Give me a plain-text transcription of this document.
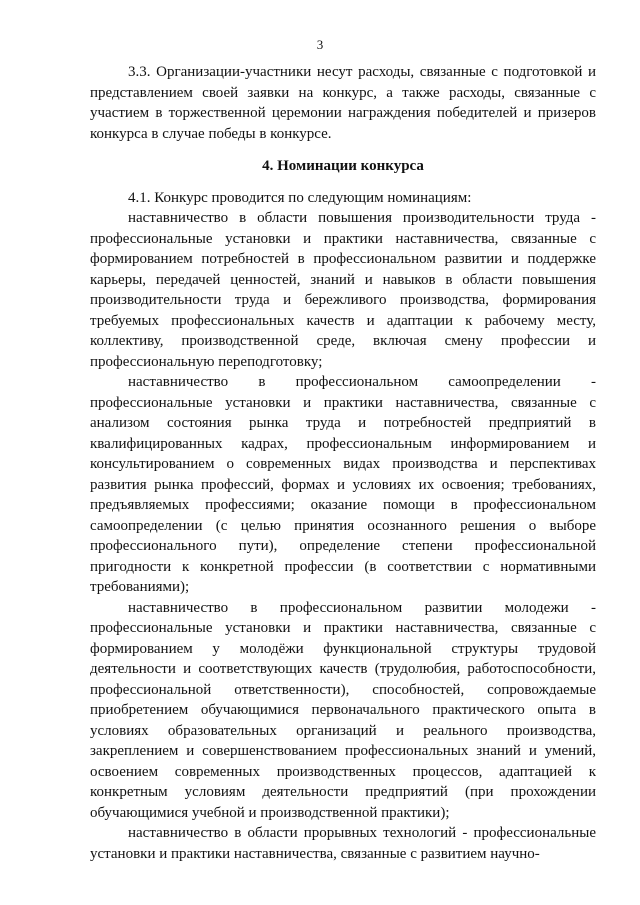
3

3.3. Организации-участники несут расходы, связанные с подготовкой и представлением своей заявки на конкурс, а также расходы, связанные с участием в торжественной церемонии награждения победителей и призеров конкурса в случае победы в конкурсе.

4. Номинации конкурса

4.1. Конкурс проводится по следующим номинациям:

наставничество в области повышения производительности труда - профессиональные установки и практики наставничества, связанные с формированием потребностей в профессиональном развитии и поддержке карьеры, передачей ценностей, знаний и навыков в области повышения производительности труда и бережливого производства, формирования требуемых профессиональных качеств и адаптации к рабочему месту, коллективу, производственной среде, включая смену профессии и профессиональную переподготовку;

наставничество в профессиональном самоопределении - профессиональные установки и практики наставничества, связанные с анализом состояния рынка труда и потребностей предприятий в квалифицированных кадрах, профессиональным информированием и консультированием о современных видах производства и перспективах развития рынка профессий, формах и условиях их освоения; требованиях, предъявляемых профессиями; оказание помощи в профессиональном самоопределении (с целью принятия осознанного решения о выборе профессионального пути), определение степени профессиональной пригодности к конкретной профессии (в соответствии с нормативными требованиями);

наставничество в профессиональном развитии молодежи - профессиональные установки и практики наставничества, связанные с формированием у молодёжи функциональной структуры трудовой деятельности и соответствующих качеств (трудолюбия, работоспособности, профессиональной ответственности), способностей, сопровождаемые приобретением обучающимися первоначального практического опыта в условиях образовательных организаций и реального производства, закреплением и совершенствованием профессиональных знаний и умений, освоением современных производственных процессов, адаптацией к конкретным условиям деятельности предприятий (при прохождении обучающимися учебной и производственной практики);

наставничество в области прорывных технологий - профессиональные установки и практики наставничества, связанные с развитием научно-
